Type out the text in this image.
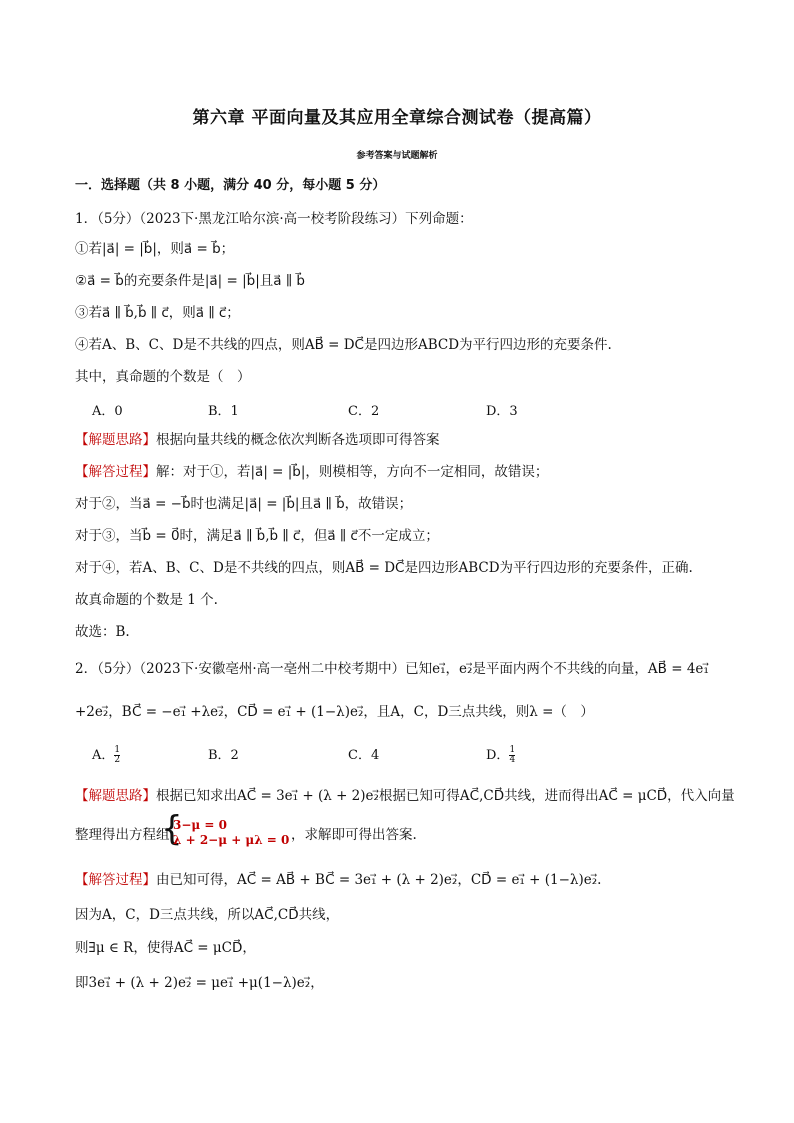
第六章 平面向量及其应用全章综合测试卷（提高篇）
参考答案与试题解析
一．选择题（共 8 小题，满分 40 分，每小题 5 分）
1．（5分）（2023下·黑龙江哈尔滨·高一校考阶段练习）下列命题：
①若|a⃗| = |b⃗|，则a⃗ = b⃗；
②a⃗ = b⃗的充要条件是|a⃗| = |b⃗|且a⃗ ∥ b⃗
③若a⃗ ∥ b⃗,b⃗ ∥ c⃗，则a⃗ ∥ c⃗；
④若A、B、C、D是不共线的四点，则AB⃗ = DC⃗是四边形ABCD为平行四边形的充要条件.
其中，真命题的个数是（　）
A．0	B．1	C．2	D．3
【解题思路】根据向量共线的概念依次判断各选项即可得答案
【解答过程】解：对于①，若|a⃗| = |b⃗|，则模相等，方向不一定相同，故错误；
对于②，当a⃗ = −b⃗时也满足|a⃗| = |b⃗|且a⃗ ∥ b⃗，故错误；
对于③，当b⃗ = 0⃗时，满足a⃗ ∥ b⃗,b⃗ ∥ c⃗，但a⃗ ∥ c⃗不一定成立；
对于④，若A、B、C、D是不共线的四点，则AB⃗ = DC⃗是四边形ABCD为平行四边形的充要条件，正确.
故真命题的个数是 1 个.
故选：B.
2．（5分）（2023下·安徽亳州·高一亳州二中校考期中）已知e₁⃗，e₂⃗是平面内两个不共线的向量，AB⃗ = 4e₁⃗
+2e₂⃗，BC⃗ = −e₁⃗ +λe₂⃗，CD⃗ = e₁⃗ + (1−λ)e₂⃗，且A，C，D三点共线，则λ =（　）
A． $\frac{1}{2}$	B．2	C．4	D． $\frac{1}{4}$
【解题思路】根据已知求出AC⃗ = 3e₁⃗ + (λ + 2)e₂⃗根据已知可得AC⃗,CD⃗共线，进而得出AC⃗ = μCD⃗，代入向量
整理得出方程组
{
3−μ = 0
λ + 2−μ + μλ = 0 ，求解即可得出答案.
【解答过程】由已知可得，AC⃗ = AB⃗ + BC⃗ = 3e₁⃗ + (λ + 2)e₂⃗，CD⃗ = e₁⃗ + (1−λ)e₂⃗.
因为A，C，D三点共线，所以AC⃗,CD⃗共线，
则∃μ ∈ R，使得AC⃗ = μCD⃗，
即3e₁⃗ + (λ + 2)e₂⃗ = μe₁⃗ +μ(1−λ)e₂⃗，
